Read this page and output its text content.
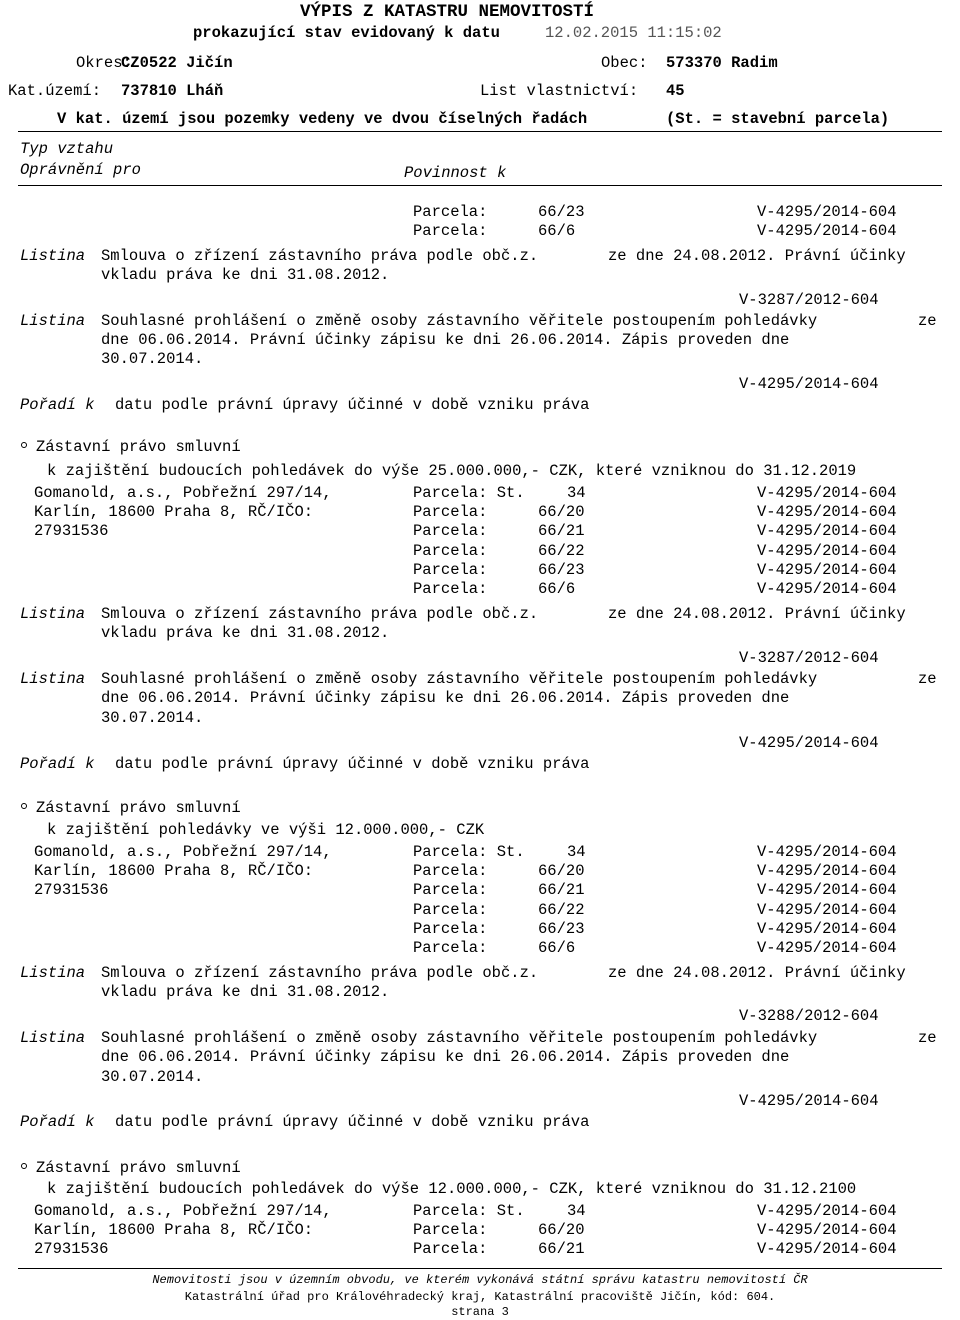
VÝPIS Z KATASTRU NEMOVITOSTÍ
prokazující stav evidovaný k datu	12.02.2015 11:15:02
Okres:
CZ0522 Jičín	Obec: 573370 Radim
Kat.území: 737810 Lháň	List vlastnictví: 45
V kat. území jsou pozemky vedeny ve dvou číselných řadách	(St. = stavební parcela)
Typ vztahu
Oprávnění pro	Povinnost k
Parcela:	66/23	V-4295/2014-604
Parcela:	66/6	V-4295/2014-604
Listina Smlouva o zřízení zástavního práva podle obč.z.	ze dne 24.08.2012. Právní účinky
vkladu práva ke dni 31.08.2012.
V-3287/2012-604
Listina Souhlasné prohlášení o změně osoby zástavního věřitele postoupením pohledávky	ze
dne 06.06.2014. Právní účinky zápisu ke dni 26.06.2014. Zápis proveden dne
30.07.2014.
V-4295/2014-604
Pořadí k datu podle právní úpravy účinné v době vzniku práva
Zástavní právo smluvní
k zajištění budoucích pohledávek do výše 25.000.000,- CZK, které vzniknou do 31.12.2019
Gomanold, a.s., Pobřežní 297/14,
Karlín, 18600 Praha 8, RČ/IČO:
27931536
Parcela: St.	34	V-4295/2014-604
Parcela:	66/20	V-4295/2014-604
Parcela:	66/21	V-4295/2014-604
Parcela:	66/22	V-4295/2014-604
Parcela:	66/23	V-4295/2014-604
Parcela:	66/6	V-4295/2014-604
Listina Smlouva o zřízení zástavního práva podle obč.z.	ze dne 24.08.2012. Právní účinky
vkladu práva ke dni 31.08.2012.
V-3287/2012-604
Listina Souhlasné prohlášení o změně osoby zástavního věřitele postoupením pohledávky	ze
dne 06.06.2014. Právní účinky zápisu ke dni 26.06.2014. Zápis proveden dne
30.07.2014.
V-4295/2014-604
Pořadí k datu podle právní úpravy účinné v době vzniku práva
Zástavní právo smluvní
k zajištění pohledávky ve výši 12.000.000,- CZK
Gomanold, a.s., Pobřežní 297/14,
Karlín, 18600 Praha 8, RČ/IČO:
27931536
Parcela: St.	34	V-4295/2014-604
Parcela:	66/20	V-4295/2014-604
Parcela:	66/21	V-4295/2014-604
Parcela:	66/22	V-4295/2014-604
Parcela:	66/23	V-4295/2014-604
Parcela:	66/6	V-4295/2014-604
Listina Smlouva o zřízení zástavního práva podle obč.z.	ze dne 24.08.2012. Právní účinky
vkladu práva ke dni 31.08.2012.
V-3288/2012-604
Listina Souhlasné prohlášení o změně osoby zástavního věřitele postoupením pohledávky	ze
dne 06.06.2014. Právní účinky zápisu ke dni 26.06.2014. Zápis proveden dne
30.07.2014.
V-4295/2014-604
Pořadí k datu podle právní úpravy účinné v době vzniku práva
Zástavní právo smluvní
k zajištění budoucích pohledávek do výše 12.000.000,- CZK, které vzniknou do 31.12.2100
Gomanold, a.s., Pobřežní 297/14,
Karlín, 18600 Praha 8, RČ/IČO:
27931536
Parcela: St.	34	V-4295/2014-604
Parcela:	66/20	V-4295/2014-604
Parcela:	66/21	V-4295/2014-604
Nemovitosti jsou v územním obvodu, ve kterém vykonává státní správu katastru nemovitostí ČR
Katastrální úřad pro Královéhradecký kraj, Katastrální pracoviště Jičín, kód: 604.
strana 3
